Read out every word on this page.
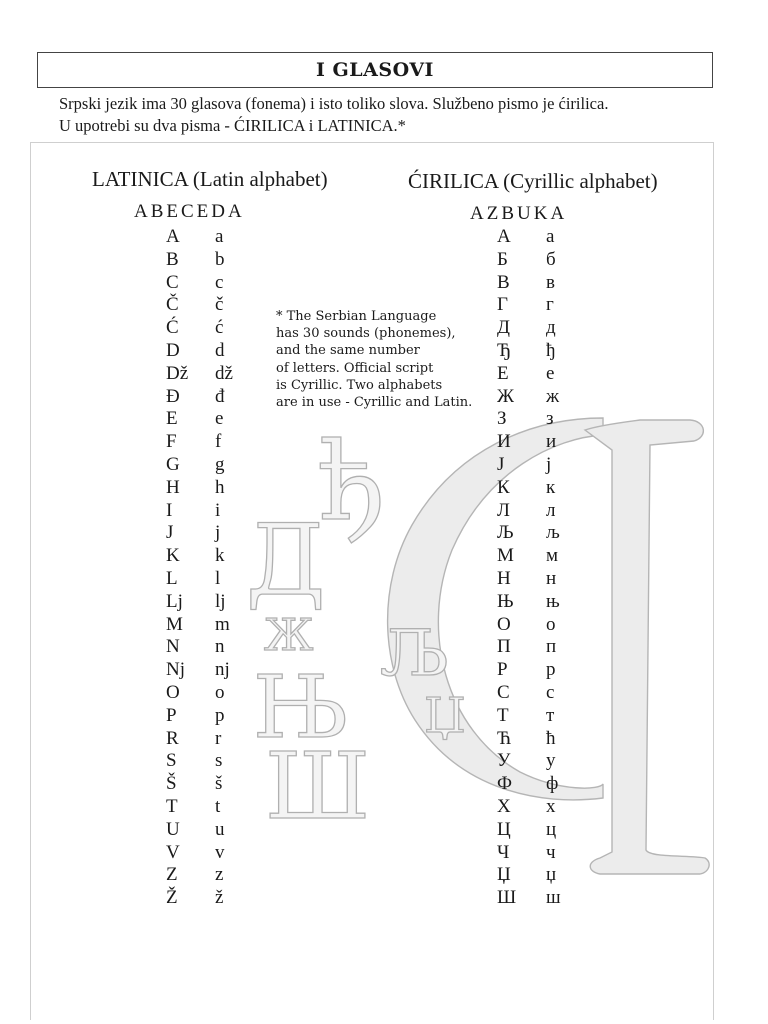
I GLASOVI
Srpski jezik ima 30 glasova (fonema) i isto toliko slova. Službeno pismo je ćirilica.
U upotrebi su dva pisma - ĆIRILICA i LATINICA.*
ђ
Д
Ж
Њ
Љ
Џ
Ш
LATINICA (Latin alphabet)
ABECEDA
ĆIRILICA (Cyrillic alphabet)
AZBUKA
A a
B b
C c
Č č
Ć ć
D d
Dž dž
Đ đ
E e
F f
G g
H h
I i
J j
K k
L l
Lj lj
M m
N n
Nj nj
O o
P p
R r
S s
Š š
T t
U u
V v
Z z
Ž ž
А а
Б б
В в
Г г
Д д
Ђ ђ
Е е
Ж ж
З з
И и
Ј ј
К к
Л л
Љ љ
М м
Н н
Њ њ
О о
П п
Р р
С с
Т т
Ћ ћ
У у
Ф ф
Х х
Ц ц
Ч ч
Џ џ
Ш ш

* The Serbian Language

has 30 sounds (phonemes),

and the same number

of letters. Official script

is Cyrillic. Two alphabets

are in use - Cyrillic and Latin.
